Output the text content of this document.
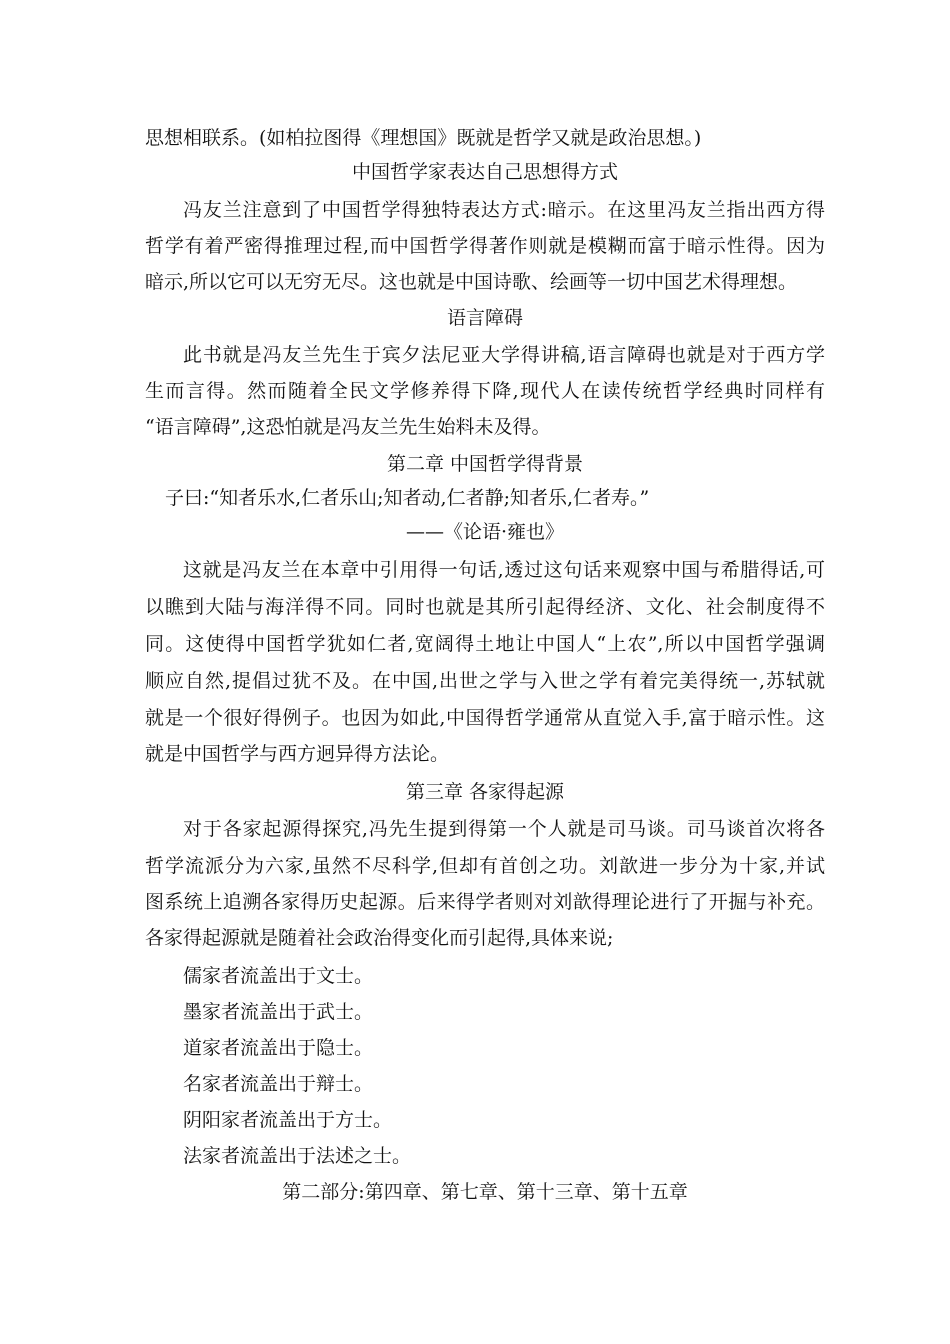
思想相联系。(如柏拉图得《理想国》既就是哲学又就是政治思想。)
中国哲学家表达自己思想得方式
冯友兰注意到了中国哲学得独特表达方式:暗示。在这里冯友兰指出西方得
哲学有着严密得推理过程,而中国哲学得著作则就是模糊而富于暗示性得。因为
暗示,所以它可以无穷无尽。这也就是中国诗歌、绘画等一切中国艺术得理想。
语言障碍
此书就是冯友兰先生于宾夕法尼亚大学得讲稿,语言障碍也就是对于西方学
生而言得。然而随着全民文学修养得下降,现代人在读传统哲学经典时同样有
“语言障碍”,这恐怕就是冯友兰先生始料未及得。
第二章 中国哲学得背景
子曰:“知者乐水,仁者乐山;知者动,仁者静;知者乐,仁者寿。”
——《论语·雍也》
这就是冯友兰在本章中引用得一句话,透过这句话来观察中国与希腊得话,可
以瞧到大陆与海洋得不同。同时也就是其所引起得经济、文化、社会制度得不
同。这使得中国哲学犹如仁者,宽阔得土地让中国人“上农”,所以中国哲学强调
顺应自然,提倡过犹不及。在中国,出世之学与入世之学有着完美得统一,苏轼就
就是一个很好得例子。也因为如此,中国得哲学通常从直觉入手,富于暗示性。这
就是中国哲学与西方迥异得方法论。
第三章 各家得起源
对于各家起源得探究,冯先生提到得第一个人就是司马谈。司马谈首次将各
哲学流派分为六家,虽然不尽科学,但却有首创之功。刘歆进一步分为十家,并试
图系统上追溯各家得历史起源。后来得学者则对刘歆得理论进行了开掘与补充。
各家得起源就是随着社会政治得变化而引起得,具体来说;
儒家者流盖出于文士。
墨家者流盖出于武士。
道家者流盖出于隐士。
名家者流盖出于辩士。
阴阳家者流盖出于方士。
法家者流盖出于法述之士。
第二部分:第四章、第七章、第十三章、第十五章
